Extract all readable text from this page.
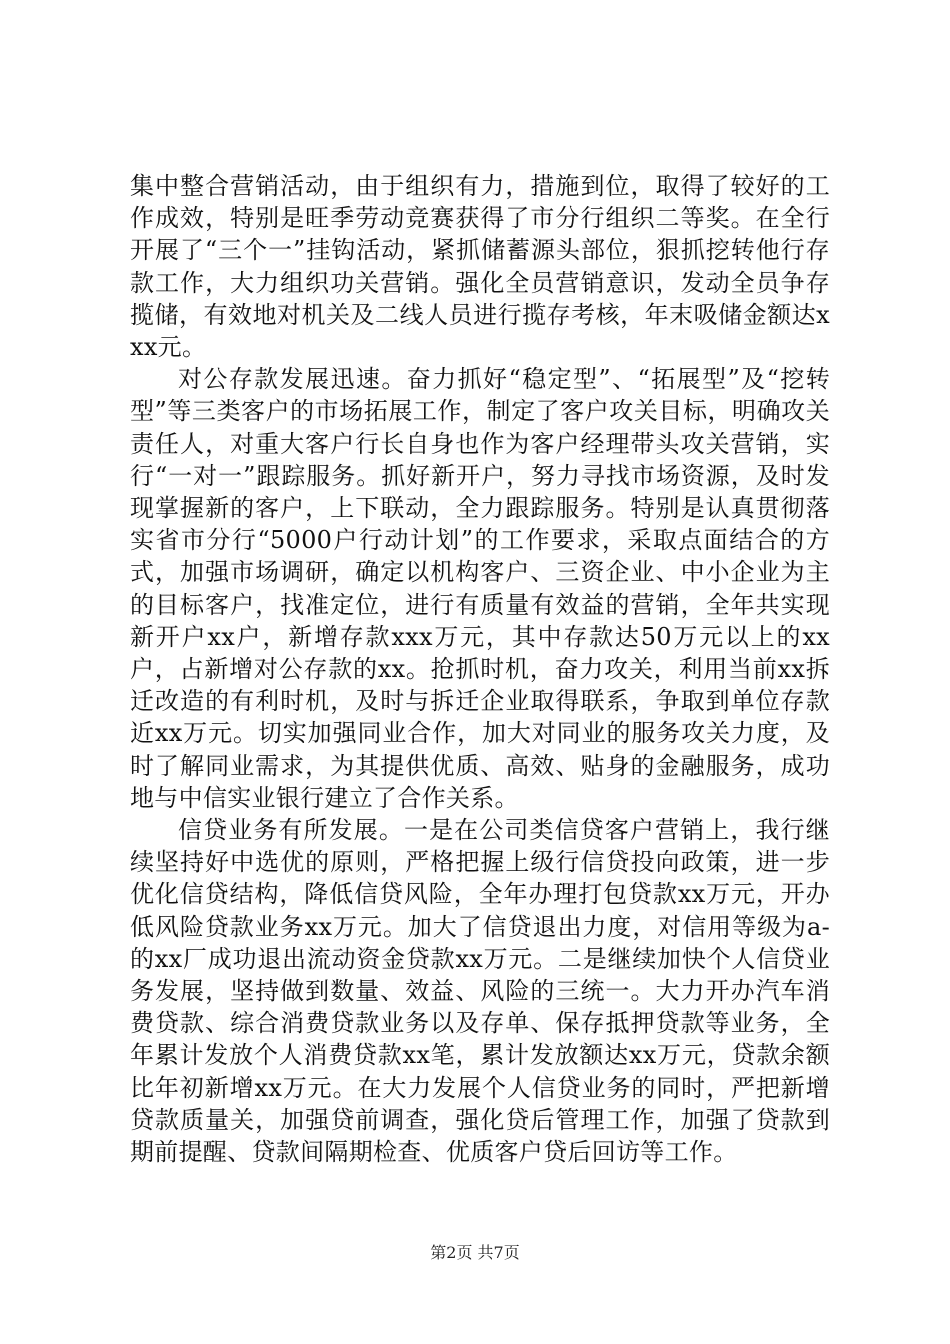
集中整合营销活动，由于组织有力，措施到位，取得了较好的工作成效，特别是旺季劳动竞赛获得了市分行组织二等奖。在全行开展了“三个一”挂钩活动，紧抓储蓄源头部位，狠抓挖转他行存款工作，大力组织功关营销。强化全员营销意识，发动全员争存揽储，有效地对机关及二线人员进行揽存考核，年末吸储金额达xxx元。

对公存款发展迅速。奋力抓好“稳定型”、“拓展型”及“挖转型”等三类客户的市场拓展工作，制定了客户攻关目标，明确攻关责任人，对重大客户行长自身也作为客户经理带头攻关营销，实行“一对一”跟踪服务。抓好新开户，努力寻找市场资源，及时发现掌握新的客户，上下联动，全力跟踪服务。特别是认真贯彻落实省市分行“5000户行动计划”的工作要求，采取点面结合的方式，加强市场调研，确定以机构客户、三资企业、中小企业为主的目标客户，找准定位，进行有质量有效益的营销，全年共实现新开户xx户，新增存款xxx万元，其中存款达50万元以上的xx户，占新增对公存款的xx。抢抓时机，奋力攻关，利用当前xx拆迁改造的有利时机，及时与拆迁企业取得联系，争取到单位存款近xx万元。切实加强同业合作，加大对同业的服务攻关力度，及时了解同业需求，为其提供优质、高效、贴身的金融服务，成功地与中信实业银行建立了合作关系。

信贷业务有所发展。一是在公司类信贷客户营销上，我行继续坚持好中选优的原则，严格把握上级行信贷投向政策，进一步优化信贷结构，降低信贷风险，全年办理打包贷款xx万元，开办低风险贷款业务xx万元。加大了信贷退出力度，对信用等级为a-的xx厂成功退出流动资金贷款xx万元。二是继续加快个人信贷业务发展，坚持做到数量、效益、风险的三统一。大力开办汽车消费贷款、综合消费贷款业务以及存单、保存抵押贷款等业务，全年累计发放个人消费贷款xx笔，累计发放额达xx万元，贷款余额比年初新增xx万元。在大力发展个人信贷业务的同时，严把新增贷款质量关，加强贷前调查，强化贷后管理工作，加强了贷款到期前提醒、贷款间隔期检查、优质客户贷后回访等工作。

第2页 共7页
